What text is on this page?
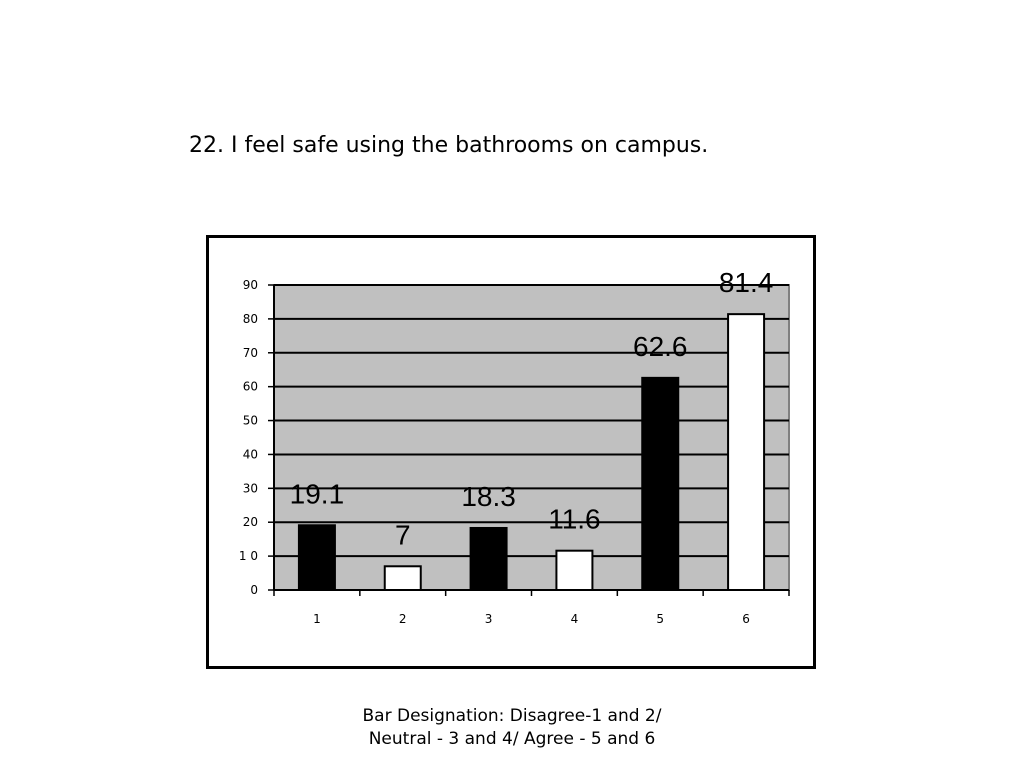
22. I feel safe using the bathrooms on campus.
0
1 0
20
30
40
50
60
70
80
90
1	2	3	4	5	6
19.1
7
18.3
11.6
62.6
81.4
Bar Designation: Disagree-1 and 2/ Neutral - 3 and 4/ Agree - 5 and 6
